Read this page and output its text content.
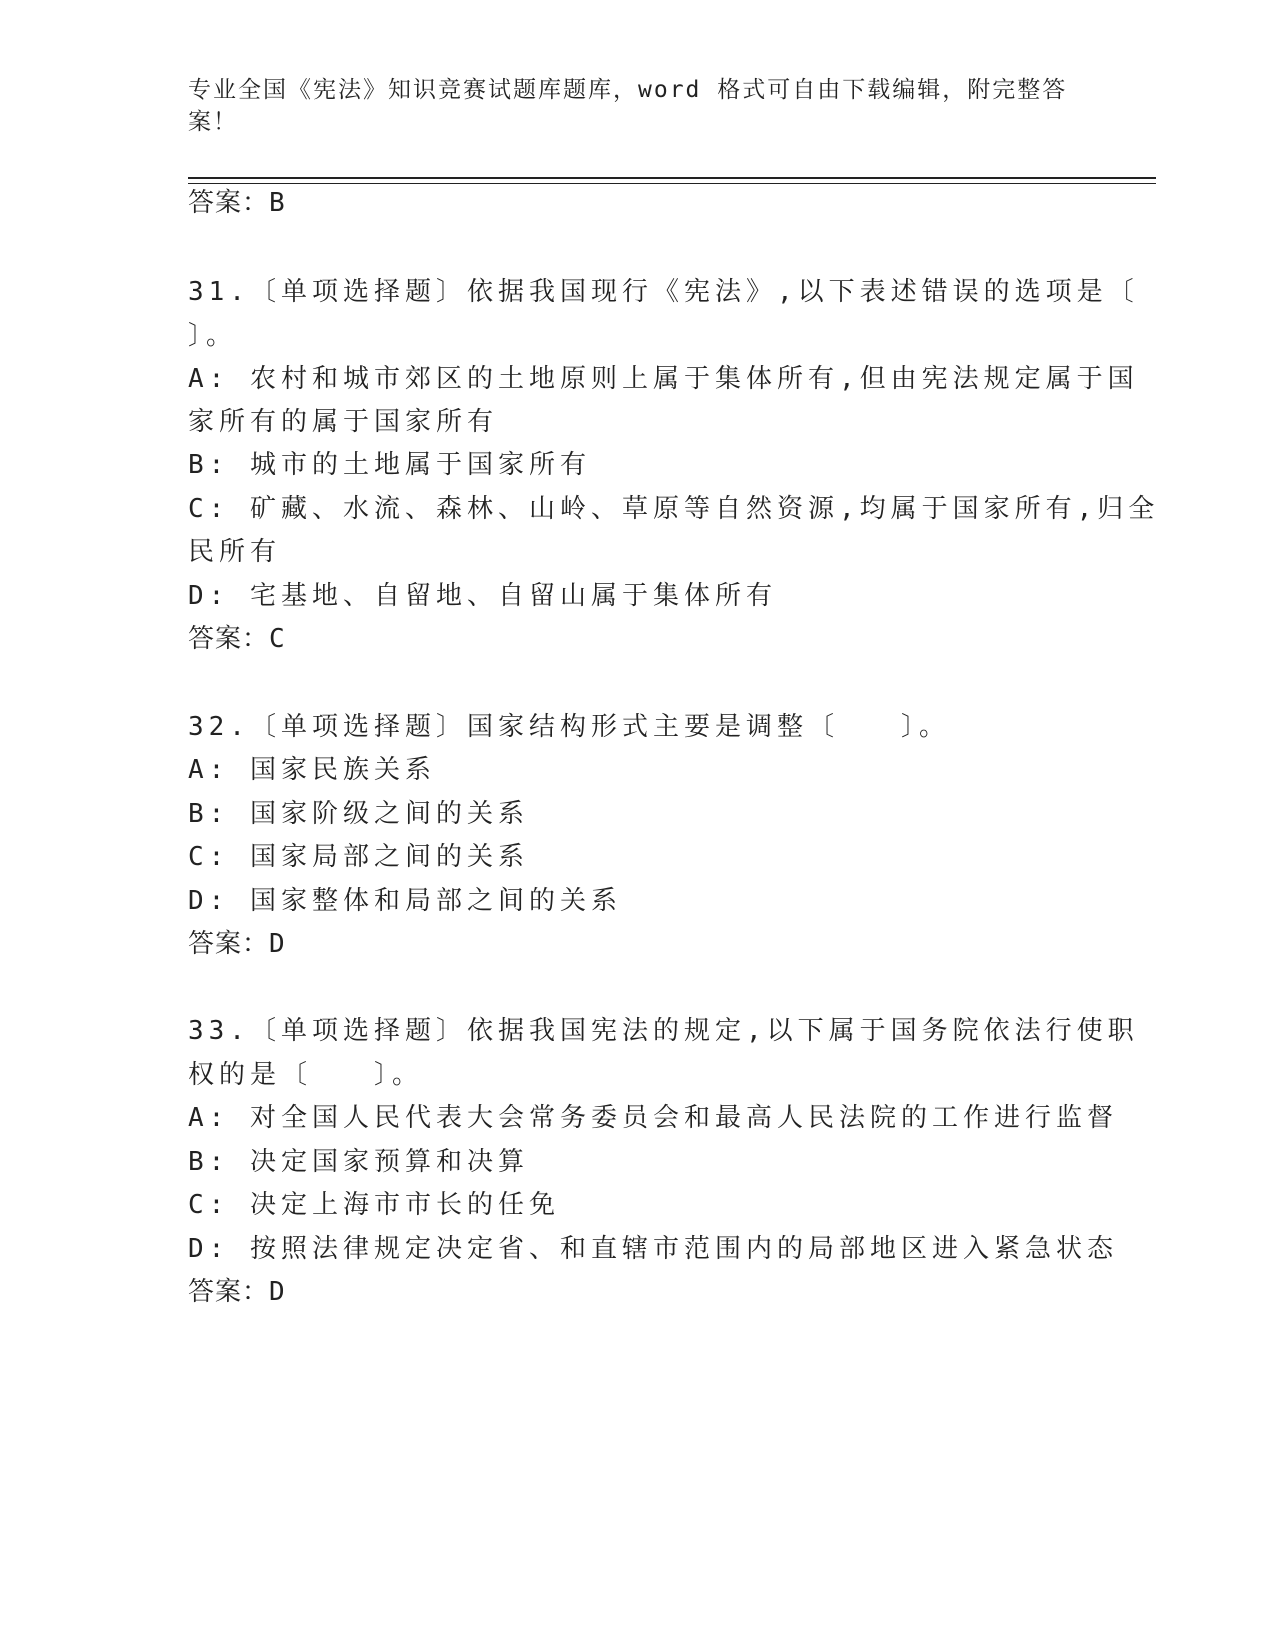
专业全国《宪法》知识竞赛试题库题库，word 格式可自由下载编辑，附完整答案！
答案：B
31.〔单项选择题〕依据我国现行《宪法》,以下表述错误的选项是〔
〕。
A: 农村和城市郊区的土地原则上属于集体所有,但由宪法规定属于国
家所有的属于国家所有
B: 城市的土地属于国家所有
C: 矿藏、水流、森林、山岭、草原等自然资源,均属于国家所有,归全
民所有
D: 宅基地、自留地、自留山属于集体所有
答案：C
32.〔单项选择题〕国家结构形式主要是调整〔　　〕。
A: 国家民族关系
B: 国家阶级之间的关系
C: 国家局部之间的关系
D: 国家整体和局部之间的关系
答案：D
33.〔单项选择题〕依据我国宪法的规定,以下属于国务院依法行使职
权的是〔　　〕。
A: 对全国人民代表大会常务委员会和最高人民法院的工作进行监督
B: 决定国家预算和决算
C: 决定上海市市长的任免
D: 按照法律规定决定省、和直辖市范围内的局部地区进入紧急状态
答案：D
